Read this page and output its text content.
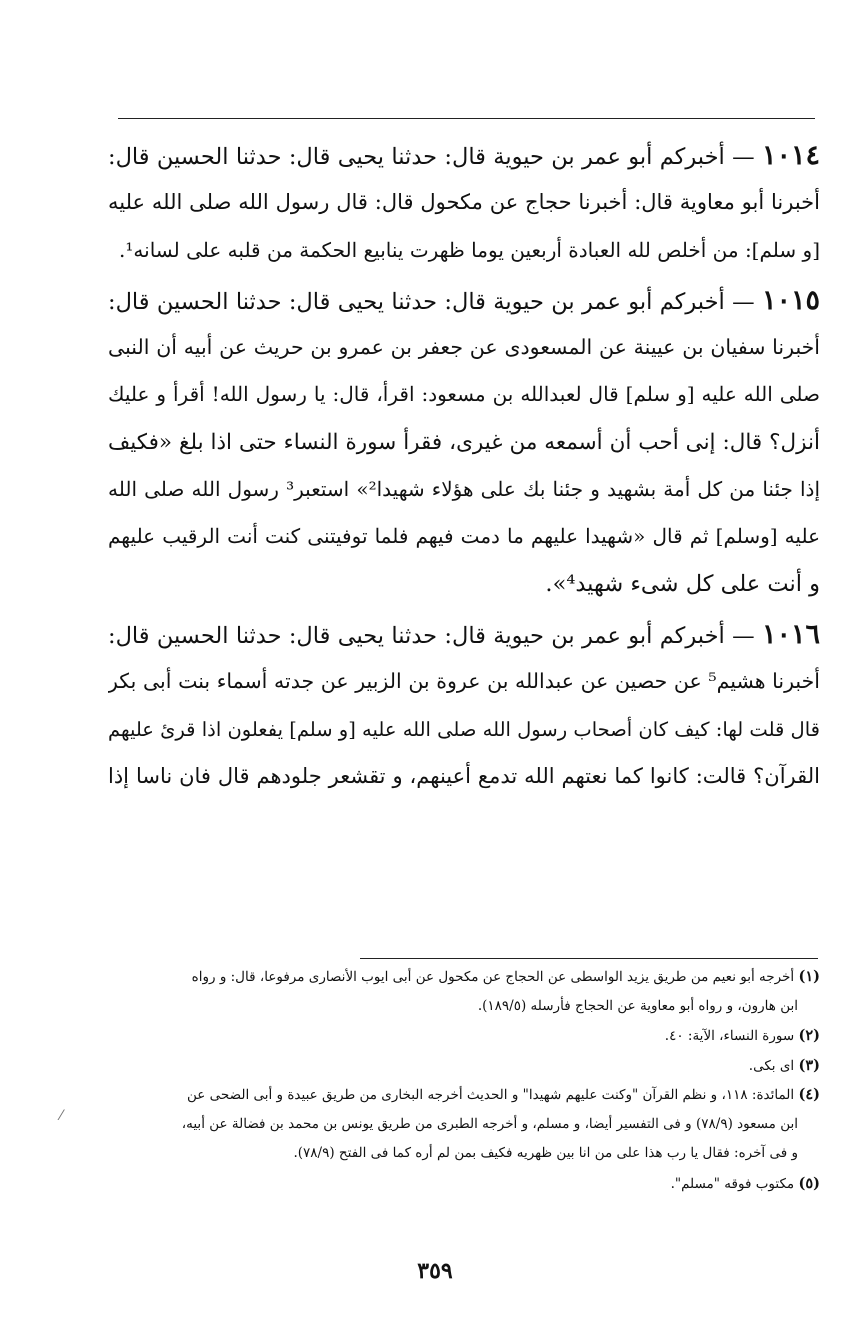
١٠١٤ — أخبركم أبو عمر بن حيوية قال: حدثنا يحيى قال: حدثنا الحسين قال:
أخبرنا أبو معاوية قال: أخبرنا حجاج عن مكحول قال: قال رسول الله صلى الله عليه
[و سلم]: من أخلص لله العبادة أربعين يوما ظهرت ينابيع الحكمة من قلبه على لسانه¹.
١٠١٥ — أخبركم أبو عمر بن حيوية قال: حدثنا يحيى قال: حدثنا الحسين قال:
أخبرنا سفيان بن عيينة عن المسعودى عن جعفر بن عمرو بن حريث عن أبيه أن النبى
صلى الله عليه [و سلم] قال لعبدالله بن مسعود: اقرأ، قال: يا رسول الله! أقرأ و عليك
أنزل؟ قال: إنى أحب أن أسمعه من غيرى، فقرأ سورة النساء حتى اذا بلغ «فكيف
إذا جئنا من كل أمة بشهيد و جئنا بك على هؤلاء شهيدا²» استعبر³ رسول الله صلى الله
عليه [وسلم] ثم قال «شهيدا عليهم ما دمت فيهم فلما توفيتنى كنت أنت الرقيب عليهم
و أنت على كل شىء شهيد⁴».
١٠١٦ — أخبركم أبو عمر بن حيوية قال: حدثنا يحيى قال: حدثنا الحسين قال:
أخبرنا هشيم⁵ عن حصين عن عبدالله بن عروة بن الزبير عن جدته أسماء بنت أبى بكر
قال قلت لها: كيف كان أصحاب رسول الله صلى الله عليه [و سلم] يفعلون اذا قرئ عليهم
القرآن؟ قالت: كانوا كما نعتهم الله تدمع أعينهم، و تقشعر جلودهم قال فان ناسا إذا
(١) أخرجه أبو نعيم من طريق يزيد الواسطى عن الحجاج عن مكحول عن أبى ايوب الأنصارى مرفوعا، قال: و رواه
ابن هارون، و رواه أبو معاوية عن الحجاج فأرسله (١٨٩/٥).
(٢) سورة النساء، الآية: ٤٠.
(٣) اى بكى.
(٤) المائدة: ١١٨، و نظم القرآن "وكنت عليهم شهيدا" و الحديث أخرجه البخارى من طريق عبيدة و أبى الضحى عن
ابن مسعود (٧٨/٩) و فى التفسير أيضا، و مسلم، و أخرجه الطبرى من طريق يونس بن محمد بن فضالة عن أبيه،
و فى آخره: فقال يا رب هذا على من انا بين ظهريه فكيف بمن لم أره كما فى الفتح (٧٨/٩).
(٥) مكتوب فوقه "مسلم".
⁄
٣٥٩
